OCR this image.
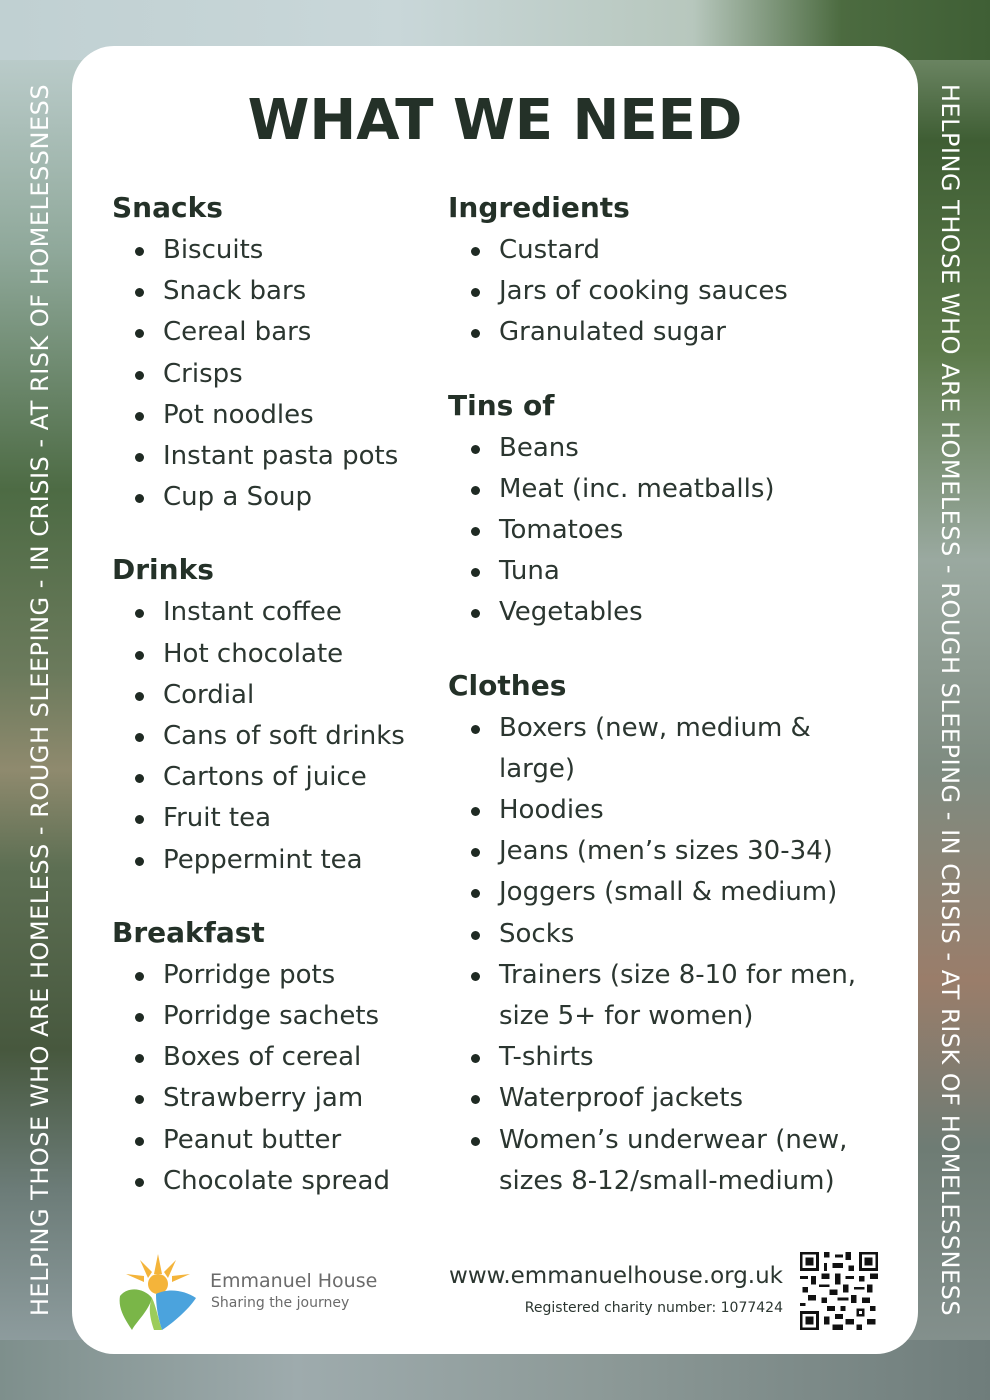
HELPING THOSE WHO ARE HOMELESS - ROUGH SLEEPING - IN CRISIS - AT RISK OF HOMELESSNESS	HELPING THOSE WHO ARE HOMELESS - ROUGH SLEEPING - IN CRISIS - AT RISK OF HOMELESSNESS
WHAT WE NEED
Snacks
Biscuits
Snack bars
Cereal bars
Crisps
Pot noodles
Instant pasta pots
Cup a Soup
Drinks
Instant coffee
Hot chocolate
Cordial
Cans of soft drinks
Cartons of juice
Fruit tea
Peppermint tea
Breakfast
Porridge pots
Porridge sachets
Boxes of cereal
Strawberry jam
Peanut butter
Chocolate spread
Ingredients
Custard
Jars of cooking sauces
Granulated sugar
Tins of
Beans
Meat (inc. meatballs)
Tomatoes
Tuna
Vegetables
Clothes
Boxers (new, medium & large)
Hoodies
Jeans (men’s sizes 30-34)
Joggers (small & medium)
Socks
Trainers (size 8-10 for men, size 5+ for women)
T-shirts
Waterproof jackets
Women’s underwear (new, sizes 8-12/small-medium)
Emmanuel House
Sharing the journey
www.emmanuelhouse.org.uk
Registered charity number: 1077424
